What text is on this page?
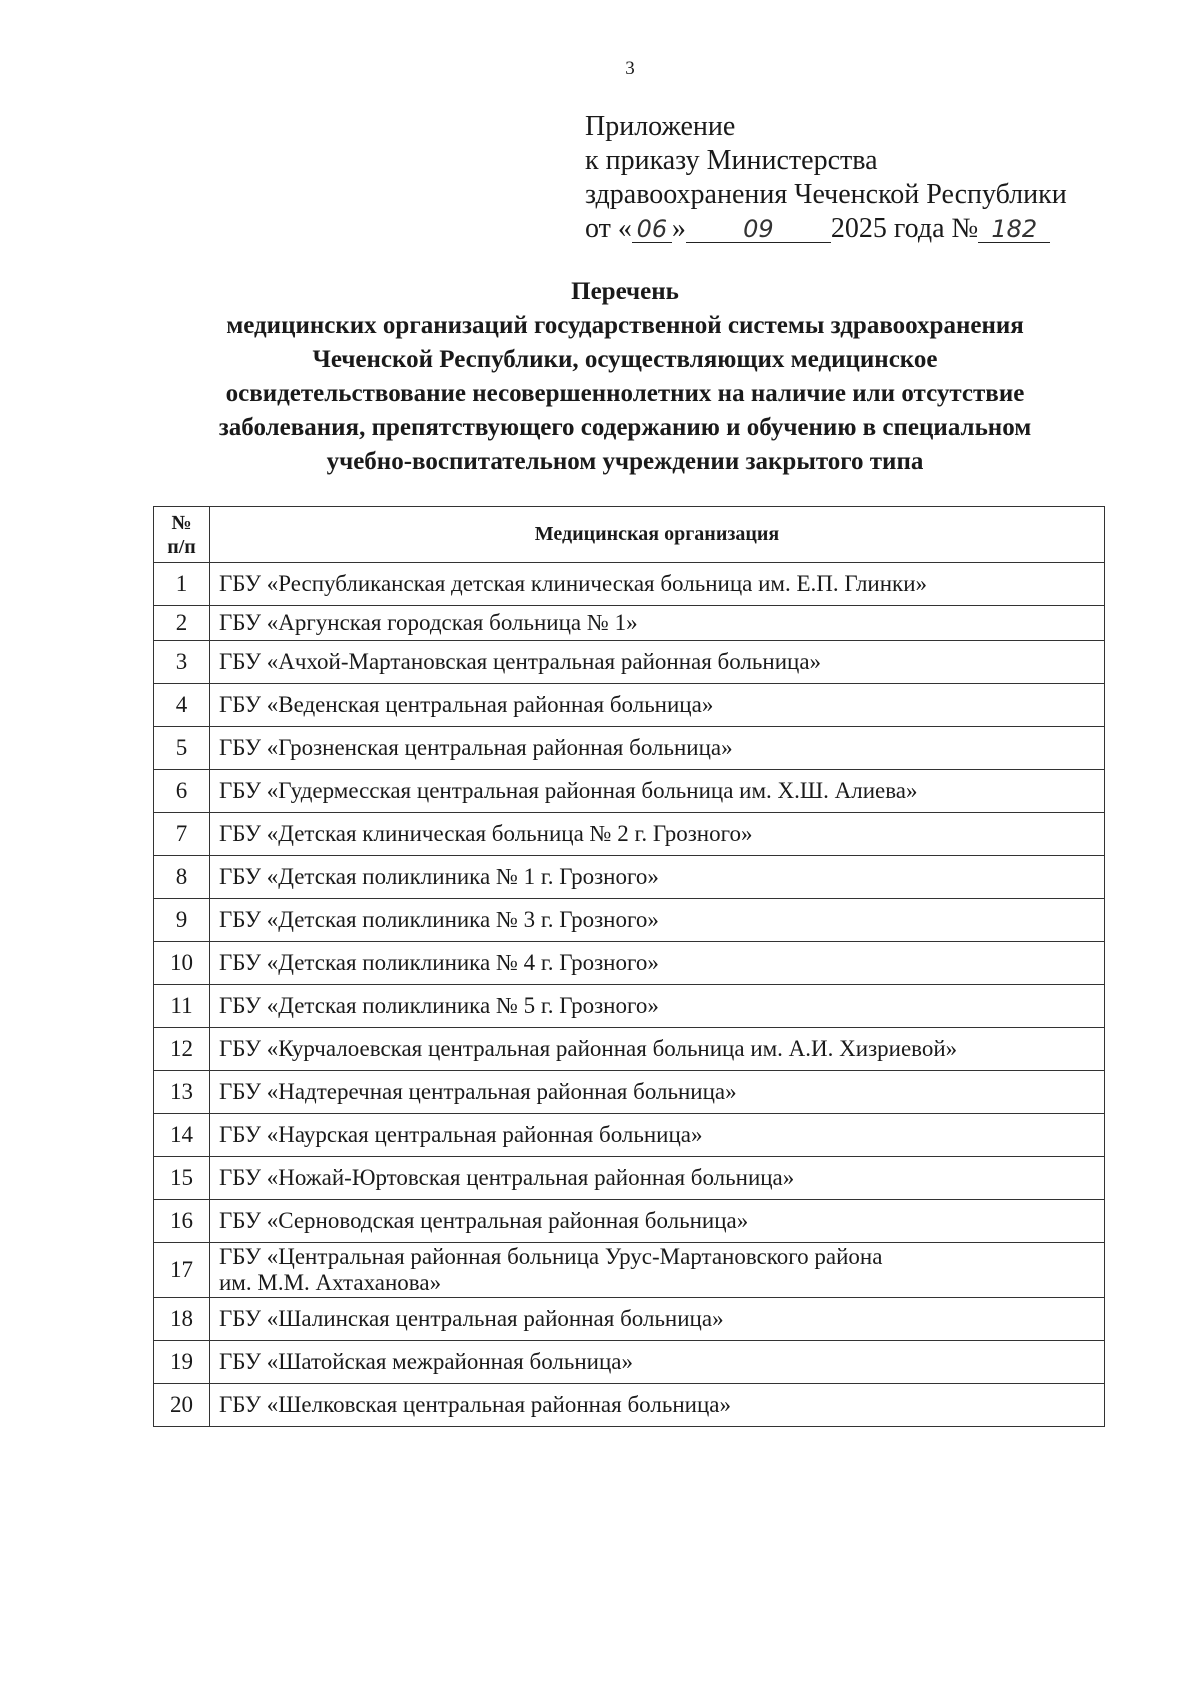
3
Приложение
к приказу Министерства
здравоохранения Чеченской Республики
от « 06 » 09 2025 года № 182
Перечень
медицинских организаций государственной системы здравоохранения
Чеченской Республики, осуществляющих медицинское
освидетельствование несовершеннолетних на наличие или отсутствие
заболевания, препятствующего содержанию и обучению в специальном
учебно-воспитательном учреждении закрытого типа
№
п/п	Медицинская организация
1	ГБУ «Республиканская детская клиническая больница им. Е.П. Глинки»
2	ГБУ «Аргунская городская больница № 1»
3	ГБУ «Ачхой-Мартановская центральная районная больница»
4	ГБУ «Веденская центральная районная больница»
5	ГБУ «Грозненская центральная районная больница»
6	ГБУ «Гудермесская центральная районная больница им. Х.Ш. Алиева»
7	ГБУ «Детская клиническая больница № 2 г. Грозного»
8	ГБУ «Детская поликлиника № 1 г. Грозного»
9	ГБУ «Детская поликлиника № 3 г. Грозного»
10	ГБУ «Детская поликлиника № 4 г. Грозного»
11	ГБУ «Детская поликлиника № 5 г. Грозного»
12	ГБУ «Курчалоевская центральная районная больница им. А.И. Хизриевой»
13	ГБУ «Надтеречная центральная районная больница»
14	ГБУ «Наурская центральная районная больница»
15	ГБУ «Ножай-Юртовская центральная районная больница»
16	ГБУ «Серноводская центральная районная больница»
17	ГБУ «Центральная районная больница Урус-Мартановского района
им. М.М. Ахтаханова»

18	ГБУ «Шалинская центральная районная больница»
19	ГБУ «Шатойская межрайонная больница»
20	ГБУ «Шелковская центральная районная больница»
